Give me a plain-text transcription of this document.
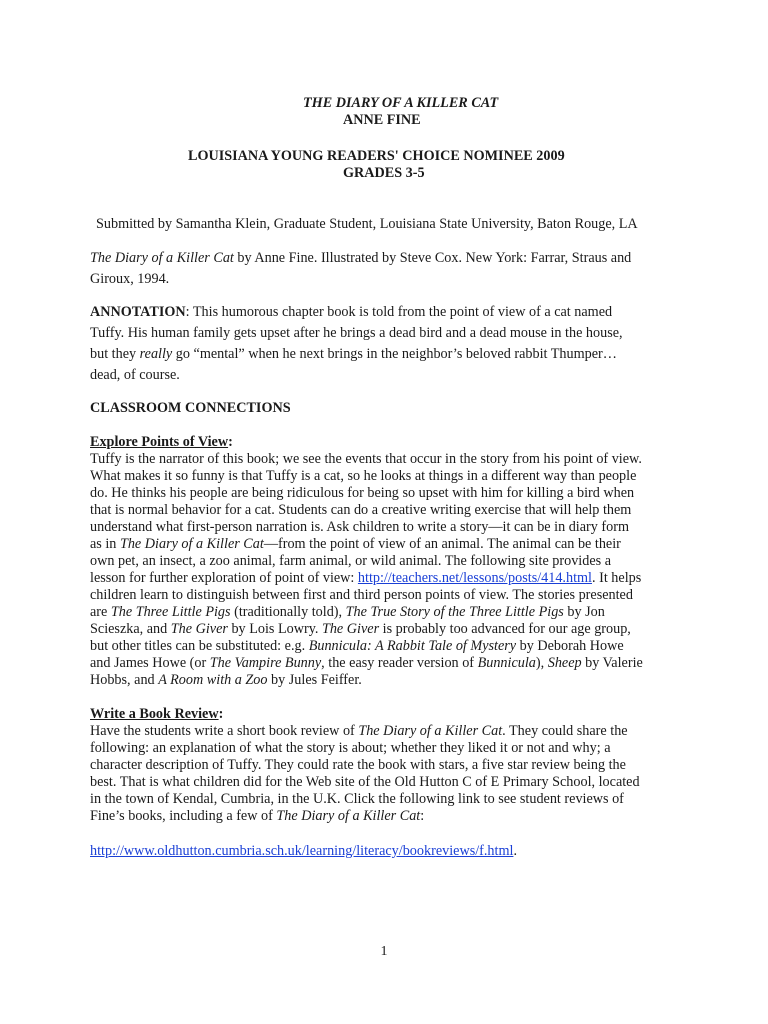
THE DIARY OF A KILLER CAT
ANNE FINE
LOUISIANA YOUNG READERS' CHOICE NOMINEE 2009
GRADES 3-5
Submitted by Samantha Klein, Graduate Student, Louisiana State University, Baton Rouge, LA
The Diary of a Killer Cat by Anne Fine. Illustrated by Steve Cox. New York: Farrar, Straus and
Giroux, 1994.
ANNOTATION: This humorous chapter book is told from the point of view of a cat named
Tuffy. His human family gets upset after he brings a dead bird and a dead mouse in the house,
but they really go “mental” when he next brings in the neighbor’s beloved rabbit Thumper…
dead, of course.
CLASSROOM CONNECTIONS
Explore Points of View:
Tuffy is the narrator of this book; we see the events that occur in the story from his point of view.
What makes it so funny is that Tuffy is a cat, so he looks at things in a different way than people
do. He thinks his people are being ridiculous for being so upset with him for killing a bird when
that is normal behavior for a cat. Students can do a creative writing exercise that will help them
understand what first-person narration is. Ask children to write a story—it can be in diary form
as in The Diary of a Killer Cat—from the point of view of an animal. The animal can be their
own pet, an insect, a zoo animal, farm animal, or wild animal. The following site provides a
lesson for further exploration of point of view: http://teachers.net/lessons/posts/414.html. It helps
children learn to distinguish between first and third person points of view. The stories presented
are The Three Little Pigs (traditionally told), The True Story of the Three Little Pigs by Jon
Scieszka, and The Giver by Lois Lowry. The Giver is probably too advanced for our age group,
but other titles can be substituted: e.g. Bunnicula: A Rabbit Tale of Mystery by Deborah Howe
and James Howe (or The Vampire Bunny, the easy reader version of Bunnicula), Sheep by Valerie
Hobbs, and A Room with a Zoo by Jules Feiffer.
Write a Book Review:
Have the students write a short book review of The Diary of a Killer Cat. They could share the
following: an explanation of what the story is about; whether they liked it or not and why; a
character description of Tuffy. They could rate the book with stars, a five star review being the
best. That is what children did for the Web site of the Old Hutton C of E Primary School, located
in the town of Kendal, Cumbria, in the U.K. Click the following link to see student reviews of
Fine’s books, including a few of The Diary of a Killer Cat:
http://www.oldhutton.cumbria.sch.uk/learning/literacy/bookreviews/f.html.
1
